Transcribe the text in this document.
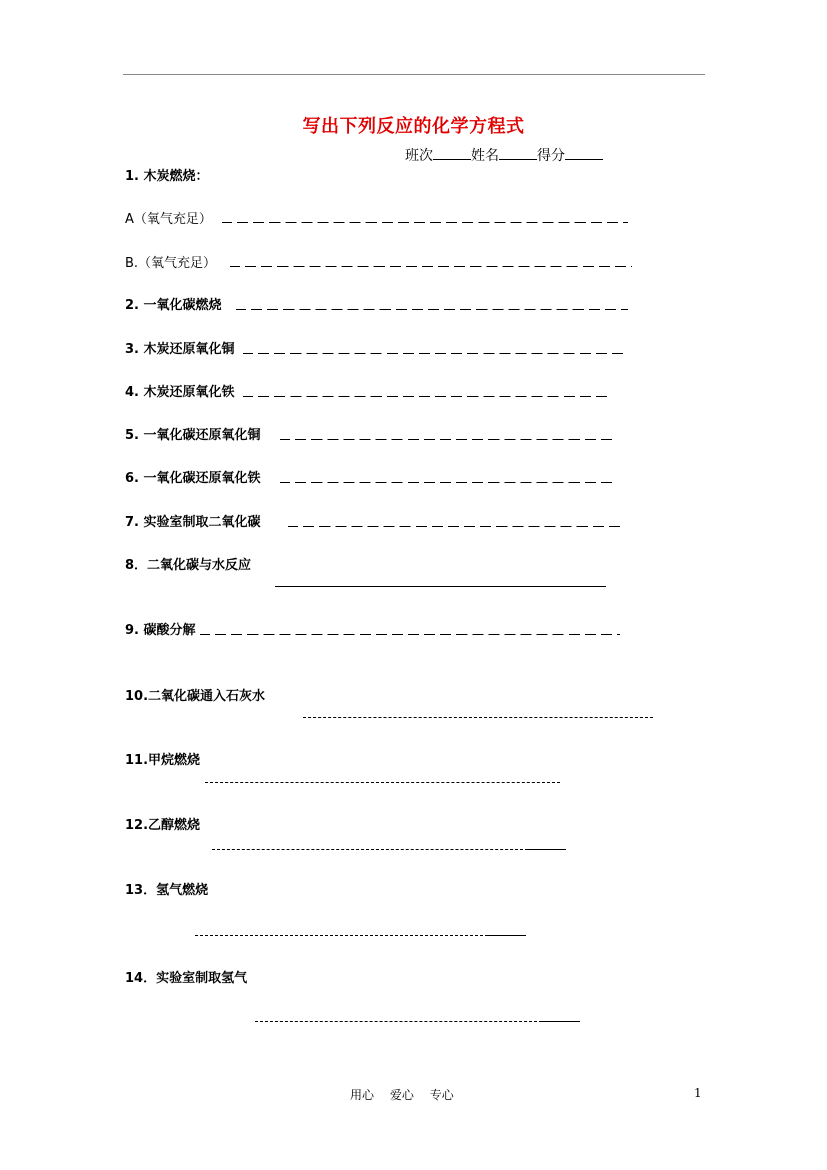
写出下列反应的化学方程式
班次	姓名	得分
1. 木炭燃烧：
A（氧气充足）
B.（氧气充足）
2. 一氧化碳燃烧
3. 木炭还原氧化铜
4. 木炭还原氧化铁
5. 一氧化碳还原氧化铜
6. 一氧化碳还原氧化铁
7. 实验室制取二氧化碳
8．二氧化碳与水反应
9. 碳酸分解
10.二氧化碳通入石灰水
11.甲烷燃烧
12.乙醇燃烧
13．氢气燃烧
14．实验室制取氢气
用心 爱心 专心	1
